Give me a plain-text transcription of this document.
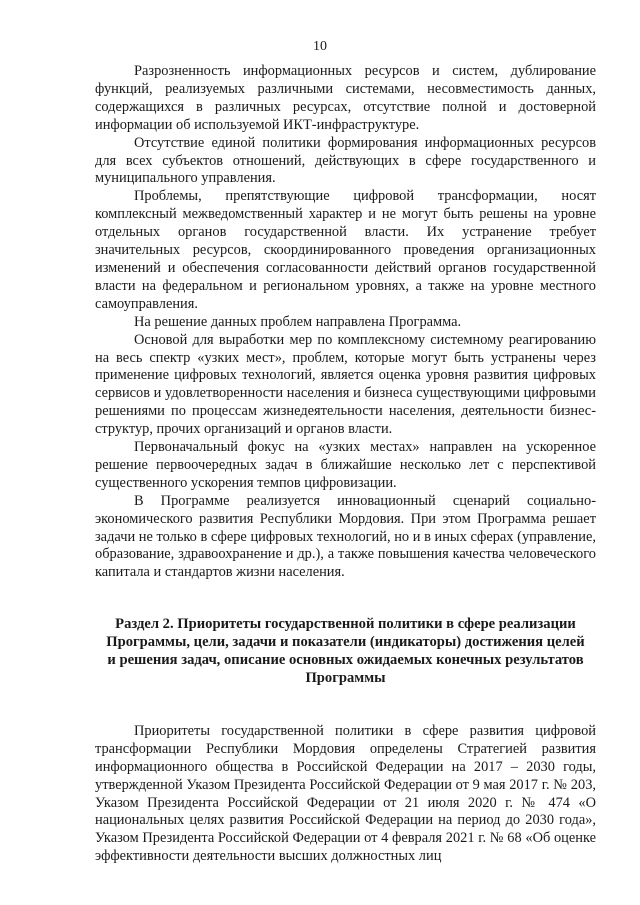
10

Разрозненность информационных ресурсов и систем, дублирование функций, реализуемых различными системами, несовместимость данных, содержащихся в различных ресурсах, отсутствие полной и достоверной информации об используемой ИКТ-инфраструктуре.

Отсутствие единой политики формирования информационных ресурсов для всех субъектов отношений, действующих в сфере государственного и муниципального управления.

Проблемы, препятствующие цифровой трансформации, носят комплексный межведомственный характер и не могут быть решены на уровне отдельных органов государственной власти. Их устранение требует значительных ресурсов, скоординированного проведения организационных изменений и обеспечения согласованности действий органов государственной власти на федеральном и региональном уровнях, а также на уровне местного самоуправления.

На решение данных проблем направлена Программа.

Основой для выработки мер по комплексному системному реагированию на весь спектр «узких мест», проблем, которые могут быть устранены через применение цифровых технологий, является оценка уровня развития цифровых сервисов и удовлетворенности населения и бизнеса существующими цифровыми решениями по процессам жизнедеятельности населения, деятельности бизнес-структур, прочих организаций и органов власти.

Первоначальный фокус на «узких местах» направлен на ускоренное решение первоочередных задач в ближайшие несколько лет с перспективой существенного ускорения темпов цифровизации.

В Программе реализуется инновационный сценарий социально-экономического развития Республики Мордовия. При этом Программа решает задачи не только в сфере цифровых технологий, но и в иных сферах (управление, образование, здравоохранение и др.), а также повышения качества человеческого капитала и стандартов жизни населения.

Раздел 2. Приоритеты государственной политики в сфере реализации Программы, цели, задачи и показатели (индикаторы) достижения целей и решения задач, описание основных ожидаемых конечных результатов Программы

Приоритеты государственной политики в сфере развития цифровой трансформации Республики Мордовия определены Стратегией развития информационного общества в Российской Федерации на 2017 – 2030 годы, утвержденной Указом Президента Российской Федерации от 9 мая 2017 г. № 203, Указом Президента Российской Федерации от 21 июля 2020 г. № 474 «О национальных целях развития Российской Федерации на период до 2030 года», Указом Президента Российской Федерации от 4 февраля 2021 г. № 68 «Об оценке эффективности деятельности высших должностных лиц
